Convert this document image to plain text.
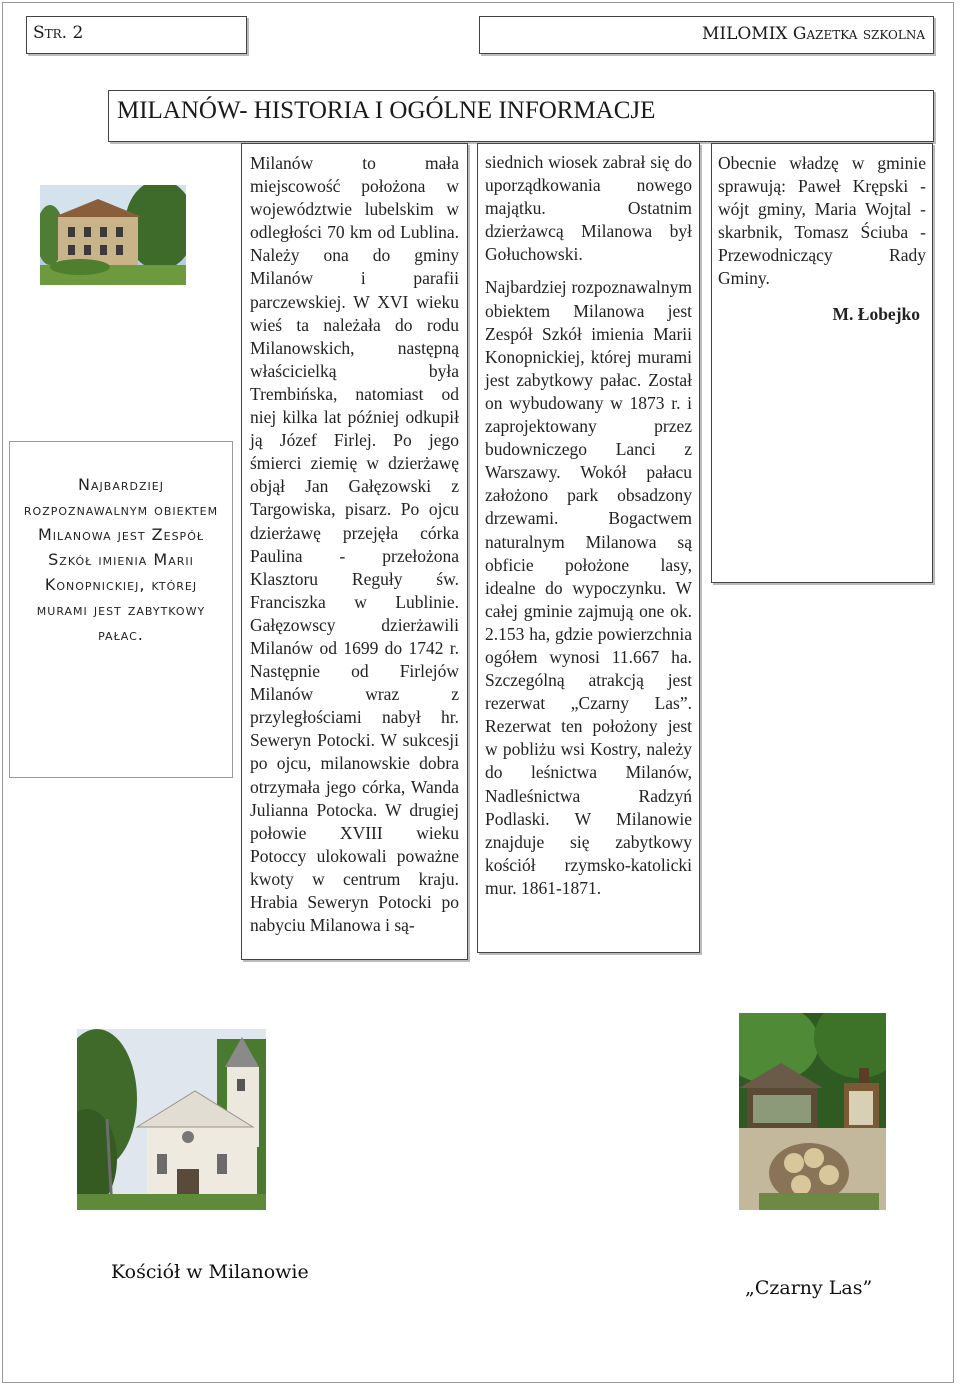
Str. 2	MILOMIX Gazetka szkolna
MILANÓW- HISTORIA I OGÓLNE INFORMACJE
Najbardziej rozpoznawalnym obiektem Milanowa jest Zespół Szkół imienia Marii Konopnickiej, której murami jest zabytkowy pałac.

Milanów to mała miejscowość położona w województwie lubelskim w odległości 70 km od Lublina. Należy ona do gminy Milanów i parafii parczewskiej. W XVI wieku wieś ta należała do rodu Milanowskich, następną właścicielką była Trembińska, natomiast od niej kilka lat później odkupił ją Józef Firlej. Po jego śmierci ziemię w dzierżawę objął Jan Gałęzowski z Targowiska, pisarz. Po ojcu dzierżawę przejęła córka Paulina - przełożona Klasztoru Reguły św. Franciszka w Lublinie. Gałęzowscy dzierżawili Milanów od 1699 do 1742 r. Następnie od Firlejów Milanów wraz z przyległościami nabył hr. Seweryn Potocki. W sukcesji po ojcu, milanowskie dobra otrzymała jego córka, Wanda Julianna Potocka. W drugiej połowie XVIII wieku Potoccy ulokowali poważne kwoty w centrum kraju. Hrabia Seweryn Potocki po nabyciu Milanowa i są-

siednich wiosek zabrał się do uporządkowania nowego majątku. Ostatnim dzierżawcą Milanowa był Gołuchowski.

Najbardziej rozpoznawalnym obiektem Milanowa jest Zespół Szkół imienia Marii Konopnickiej, której murami jest zabytkowy pałac. Został on wybudowany w 1873 r. i zaprojektowany przez budowniczego Lanci z Warszawy. Wokół pałacu założono park obsadzony drzewami. Bogactwem naturalnym Milanowa są obficie położone lasy, idealne do wypoczynku. W całej gminie zajmują one ok. 2.153 ha, gdzie powierzchnia ogółem wynosi 11.667 ha. Szczególną atrakcją jest rezerwat „Czarny Las”. Rezerwat ten położony jest w pobliżu wsi Kostry, należy do leśnictwa Milanów, Nadleśnictwa Radzyń Podlaski. W Milanowie znajduje się zabytkowy kościół rzymsko-katolicki mur. 1861-1871.

Obecnie władzę w gminie sprawują: Paweł Krępski - wójt gminy, Maria Wojtal - skarbnik, Tomasz Ściuba - Przewodniczący Rady Gminy.

M. Łobejko

Kościół w Milanowie
„Czarny Las”
